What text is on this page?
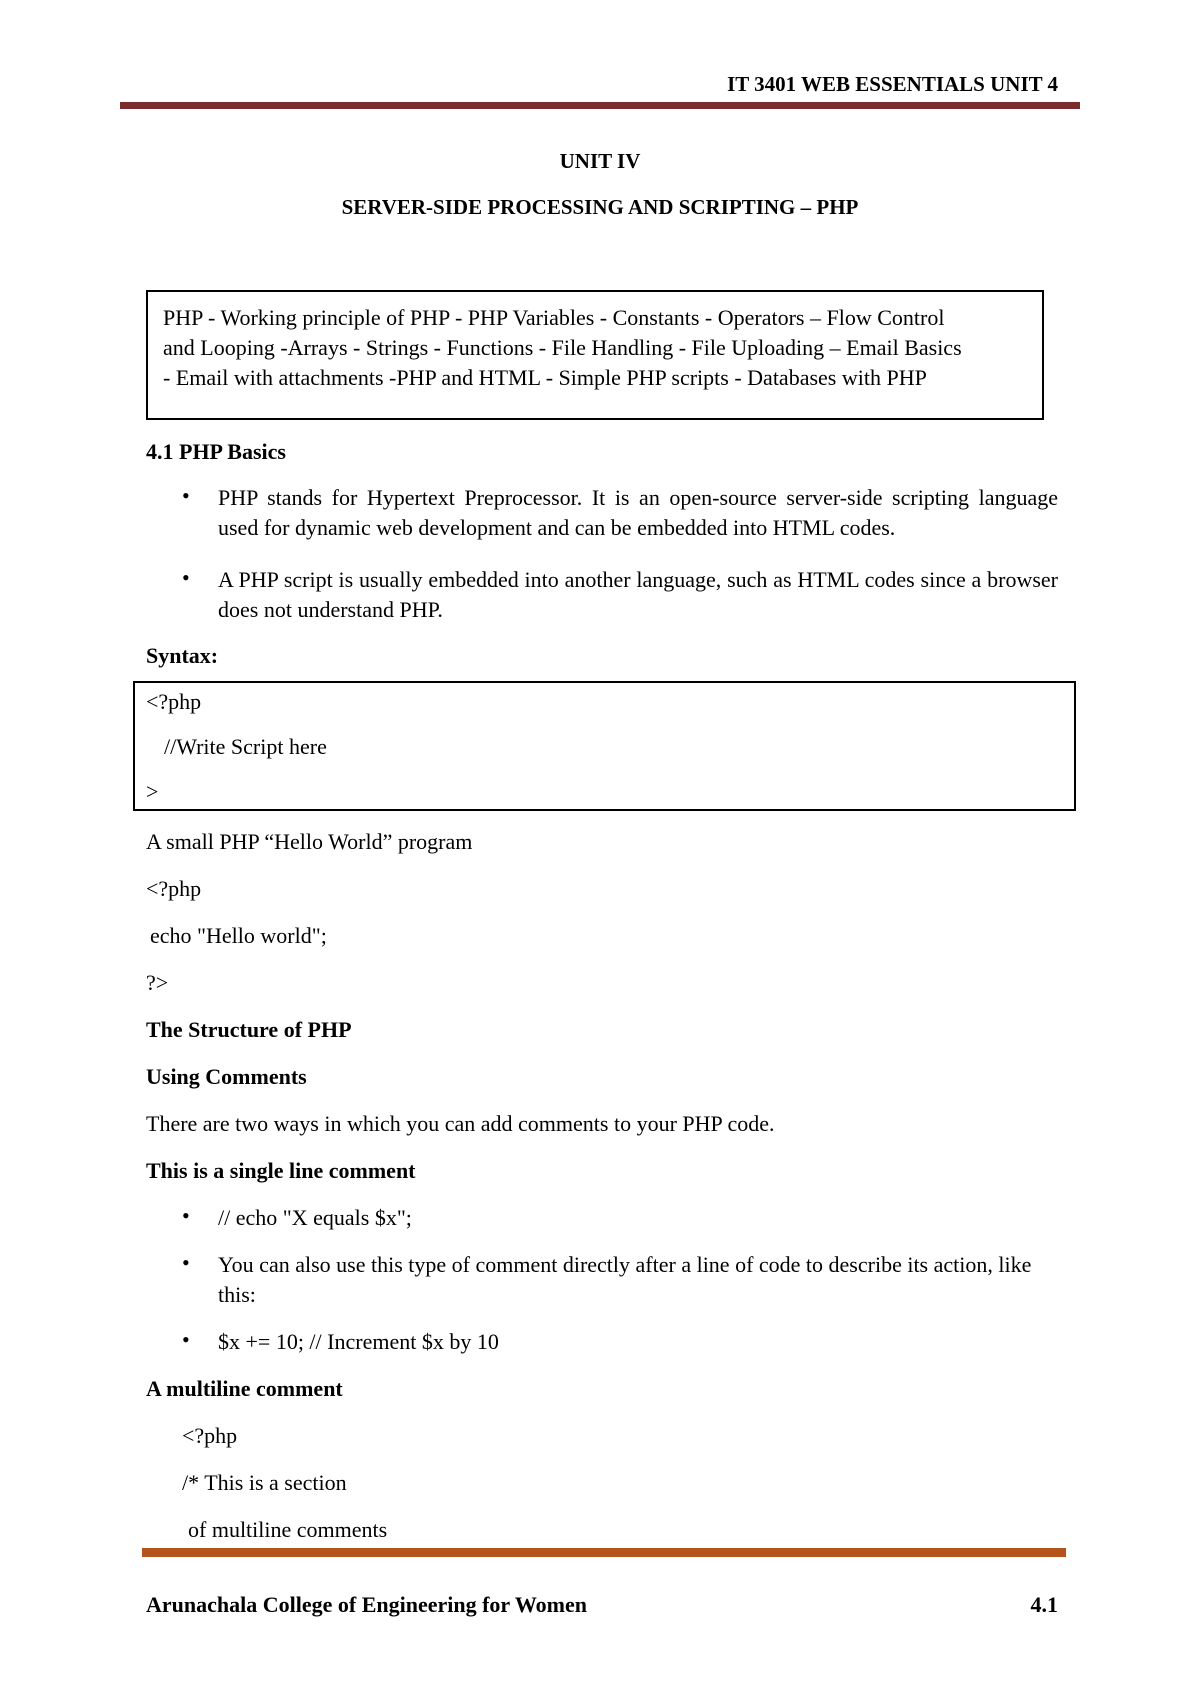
IT 3401 WEB ESSENTIALS UNIT 4
UNIT IV
SERVER-SIDE PROCESSING AND SCRIPTING – PHP
PHP - Working principle of PHP - PHP Variables - Constants - Operators – Flow Control
and Looping -Arrays - Strings - Functions - File Handling - File Uploading – Email Basics
- Email with attachments -PHP and HTML - Simple PHP scripts - Databases with PHP
4.1 PHP Basics
• PHP stands for Hypertext Preprocessor. It is an open-source server-side scripting language used for dynamic web development and can be embedded into HTML codes.
• A PHP script is usually embedded into another language, such as HTML codes since a browser does not understand PHP.
Syntax:
<?php
//Write Script here
>
A small PHP “Hello World” program
<?php
echo "Hello world";
?>
The Structure of PHP
Using Comments
There are two ways in which you can add comments to your PHP code.
This is a single line comment
• // echo "X equals $x";
• You can also use this type of comment directly after a line of code to describe its action, like this:
• $x += 10; // Increment $x by 10
A multiline comment
<?php
/* This is a section
of multiline comments
Arunachala College of Engineering for Women	4.1
